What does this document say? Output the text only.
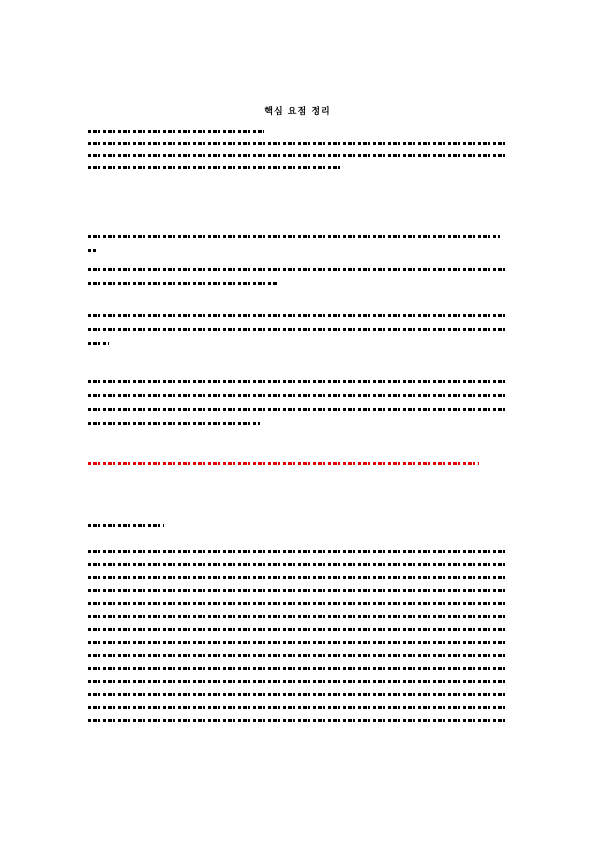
핵심 요점 정리
